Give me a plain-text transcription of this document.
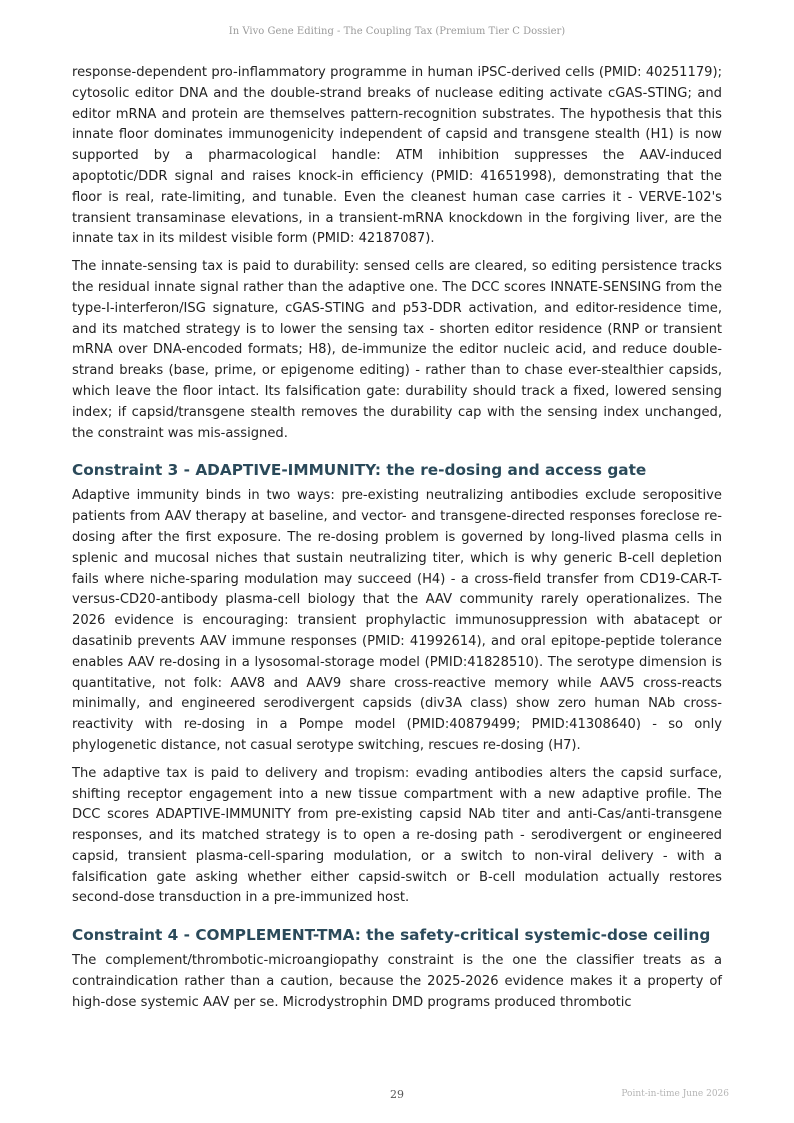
In Vivo Gene Editing - The Coupling Tax (Premium Tier C Dossier)

response-dependent pro-inflammatory programme in human iPSC-derived cells (PMID: 40251179); cytosolic editor DNA and the double-strand breaks of nuclease editing activate cGAS-STING; and editor mRNA and protein are themselves pattern-recognition substrates. The hypothesis that this innate floor dominates immunogenicity independent of capsid and transgene stealth (H1) is now supported by a pharmacological handle: ATM inhibition suppresses the AAV-induced apoptotic/DDR signal and raises knock-in efficiency (PMID: 41651998), demonstrating that the floor is real, rate-limiting, and tunable. Even the cleanest human case carries it - VERVE-102's transient transaminase elevations, in a transient-mRNA knockdown in the forgiving liver, are the innate tax in its mildest visible form (PMID: 42187087).

The innate-sensing tax is paid to durability: sensed cells are cleared, so editing persistence tracks the residual innate signal rather than the adaptive one. The DCC scores INNATE-SENSING from the type-I-interferon/ISG signature, cGAS-STING and p53-DDR activation, and editor-residence time, and its matched strategy is to lower the sensing tax - shorten editor residence (RNP or transient mRNA over DNA-encoded formats; H8), de-immunize the editor nucleic acid, and reduce double-strand breaks (base, prime, or epigenome editing) - rather than to chase ever-stealthier capsids, which leave the floor intact. Its falsification gate: durability should track a fixed, lowered sensing index; if capsid/transgene stealth removes the durability cap with the sensing index unchanged, the constraint was mis-assigned.

Constraint 3 - ADAPTIVE-IMMUNITY: the re-dosing and access gate

Adaptive immunity binds in two ways: pre-existing neutralizing antibodies exclude seropositive patients from AAV therapy at baseline, and vector- and transgene-directed responses foreclose re-dosing after the first exposure. The re-dosing problem is governed by long-lived plasma cells in splenic and mucosal niches that sustain neutralizing titer, which is why generic B-cell depletion fails where niche-sparing modulation may succeed (H4) - a cross-field transfer from CD19-CAR-T-versus-CD20-antibody plasma-cell biology that the AAV community rarely operationalizes. The 2026 evidence is encouraging: transient prophylactic immunosuppression with abatacept or dasatinib prevents AAV immune responses (PMID: 41992614), and oral epitope-peptide tolerance enables AAV re-dosing in a lysosomal-storage model (PMID:41828510). The serotype dimension is quantitative, not folk: AAV8 and AAV9 share cross-reactive memory while AAV5 cross-reacts minimally, and engineered serodivergent capsids (div3A class) show zero human NAb cross-reactivity with re-dosing in a Pompe model (PMID:40879499; PMID:41308640) - so only phylogenetic distance, not casual serotype switching, rescues re-dosing (H7).

The adaptive tax is paid to delivery and tropism: evading antibodies alters the capsid surface, shifting receptor engagement into a new tissue compartment with a new adaptive profile. The DCC scores ADAPTIVE-IMMUNITY from pre-existing capsid NAb titer and anti-Cas/anti-transgene responses, and its matched strategy is to open a re-dosing path - serodivergent or engineered capsid, transient plasma-cell-sparing modulation, or a switch to non-viral delivery - with a falsification gate asking whether either capsid-switch or B-cell modulation actually restores second-dose transduction in a pre-immunized host.

Constraint 4 - COMPLEMENT-TMA: the safety-critical systemic-dose ceiling

The complement/thrombotic-microangiopathy constraint is the one the classifier treats as a contraindication rather than a caution, because the 2025-2026 evidence makes it a property of high-dose systemic AAV per se. Microdystrophin DMD programs produced thrombotic

29	Point-in-time June 2026
